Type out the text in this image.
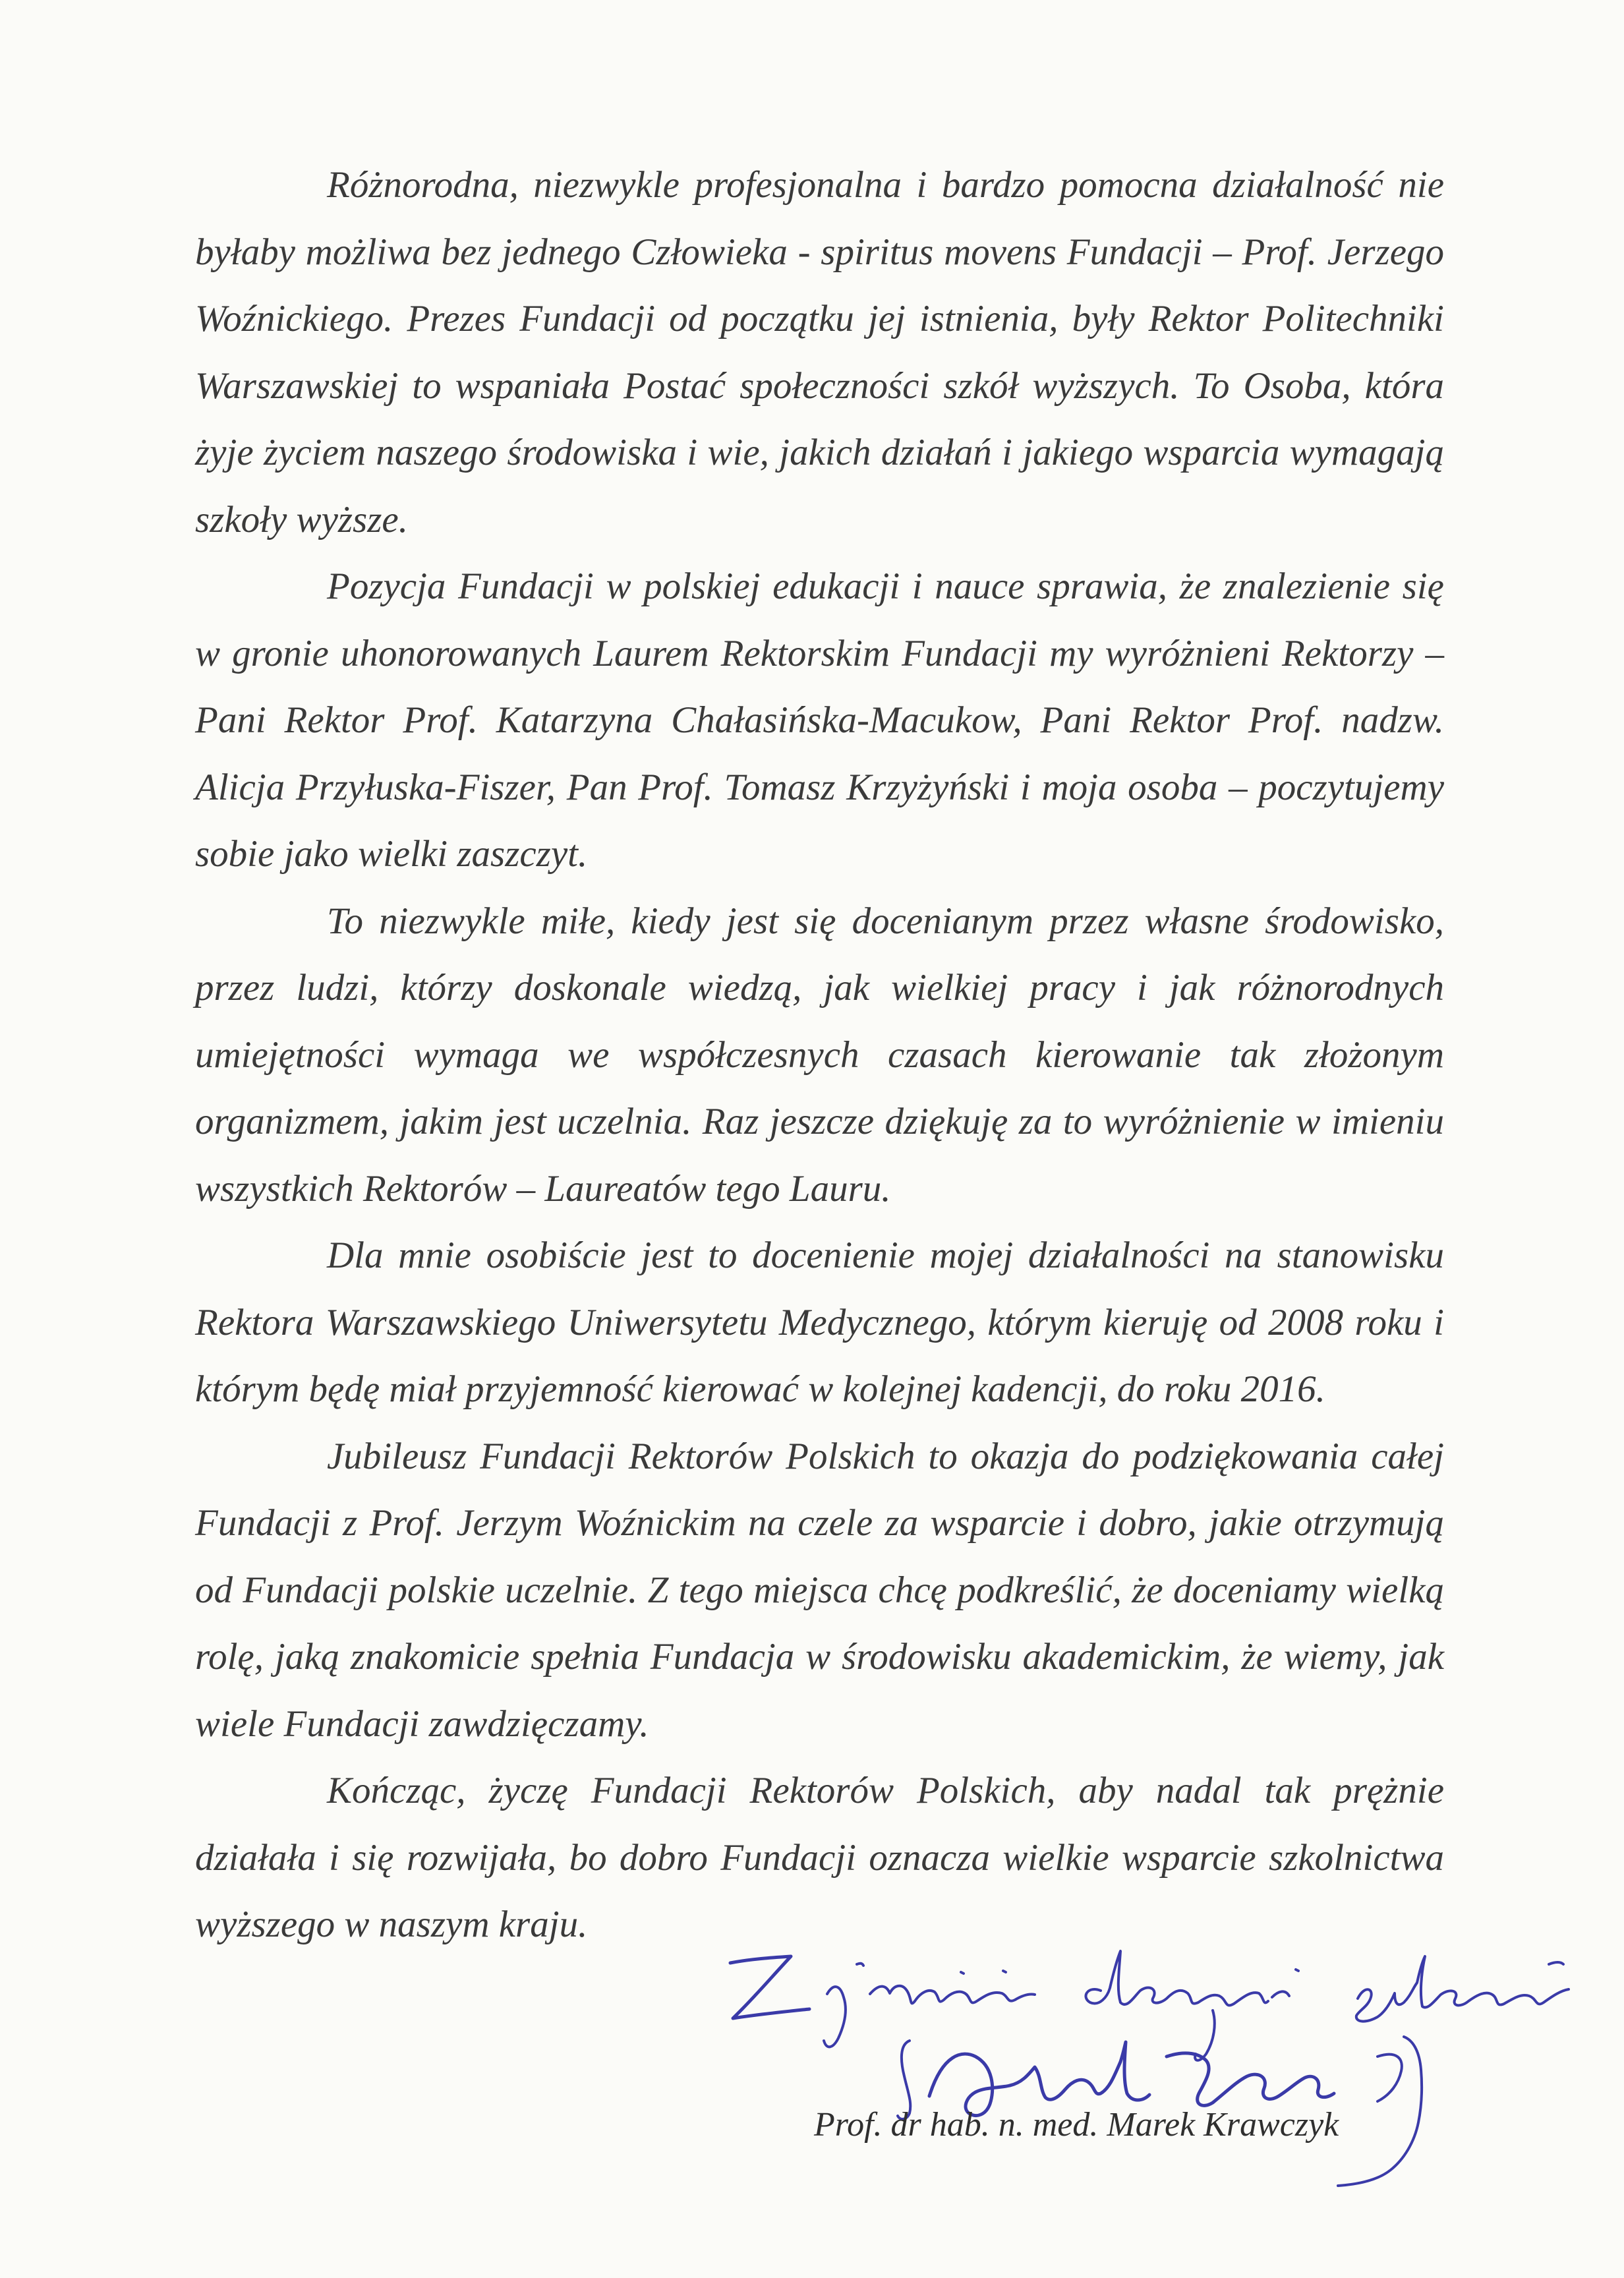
Różnorodna, niezwykle profesjonalna i bardzo pomocna działalność nie byłaby możliwa bez jednego Człowieka - spiritus movens Fundacji – Prof. Jerzego Woźnickiego. Prezes Fundacji od początku jej istnienia, były Rektor Politechniki Warszawskiej to wspaniała Postać społeczności szkół wyższych. To Osoba, która żyje życiem naszego środowiska i wie, jakich działań i jakiego wsparcia wymagają szkoły wyższe.

Pozycja Fundacji w polskiej edukacji i nauce sprawia, że znalezienie się w gronie uhonorowanych Laurem Rektorskim Fundacji my wyróżnieni Rektorzy – Pani Rektor Prof. Katarzyna Chałasińska-Macukow, Pani Rektor Prof. nadzw. Alicja Przyłuska-Fiszer, Pan Prof. Tomasz Krzyżyński i moja osoba – poczytujemy sobie jako wielki zaszczyt.

To niezwykle miłe, kiedy jest się docenianym przez własne środowisko, przez ludzi, którzy doskonale wiedzą, jak wielkiej pracy i jak różnorodnych umiejętności wymaga we współczesnych czasach kierowanie tak złożonym organizmem, jakim jest uczelnia. Raz jeszcze dziękuję za to wyróżnienie w imieniu wszystkich Rektorów – Laureatów tego Lauru.

Dla mnie osobiście jest to docenienie mojej działalności na stanowisku Rektora Warszawskiego Uniwersytetu Medycznego, którym kieruję od 2008 roku i którym będę miał przyjemność kierować w kolejnej kadencji, do roku 2016.

Jubileusz Fundacji Rektorów Polskich to okazja do podziękowania całej Fundacji z Prof. Jerzym Woźnickim na czele za wsparcie i dobro, jakie otrzymują od Fundacji polskie uczelnie. Z tego miejsca chcę podkreślić, że doceniamy wielką rolę, jaką znakomicie spełnia Fundacja w środowisku akademickim, że wiemy, jak wiele Fundacji zawdzięczamy.

Kończąc, życzę Fundacji Rektorów Polskich, aby nadal tak prężnie działała i się rozwijała, bo dobro Fundacji oznacza wielkie wsparcie szkolnictwa wyższego w naszym kraju.

Prof. dr hab. n. med. Marek Krawczyk
